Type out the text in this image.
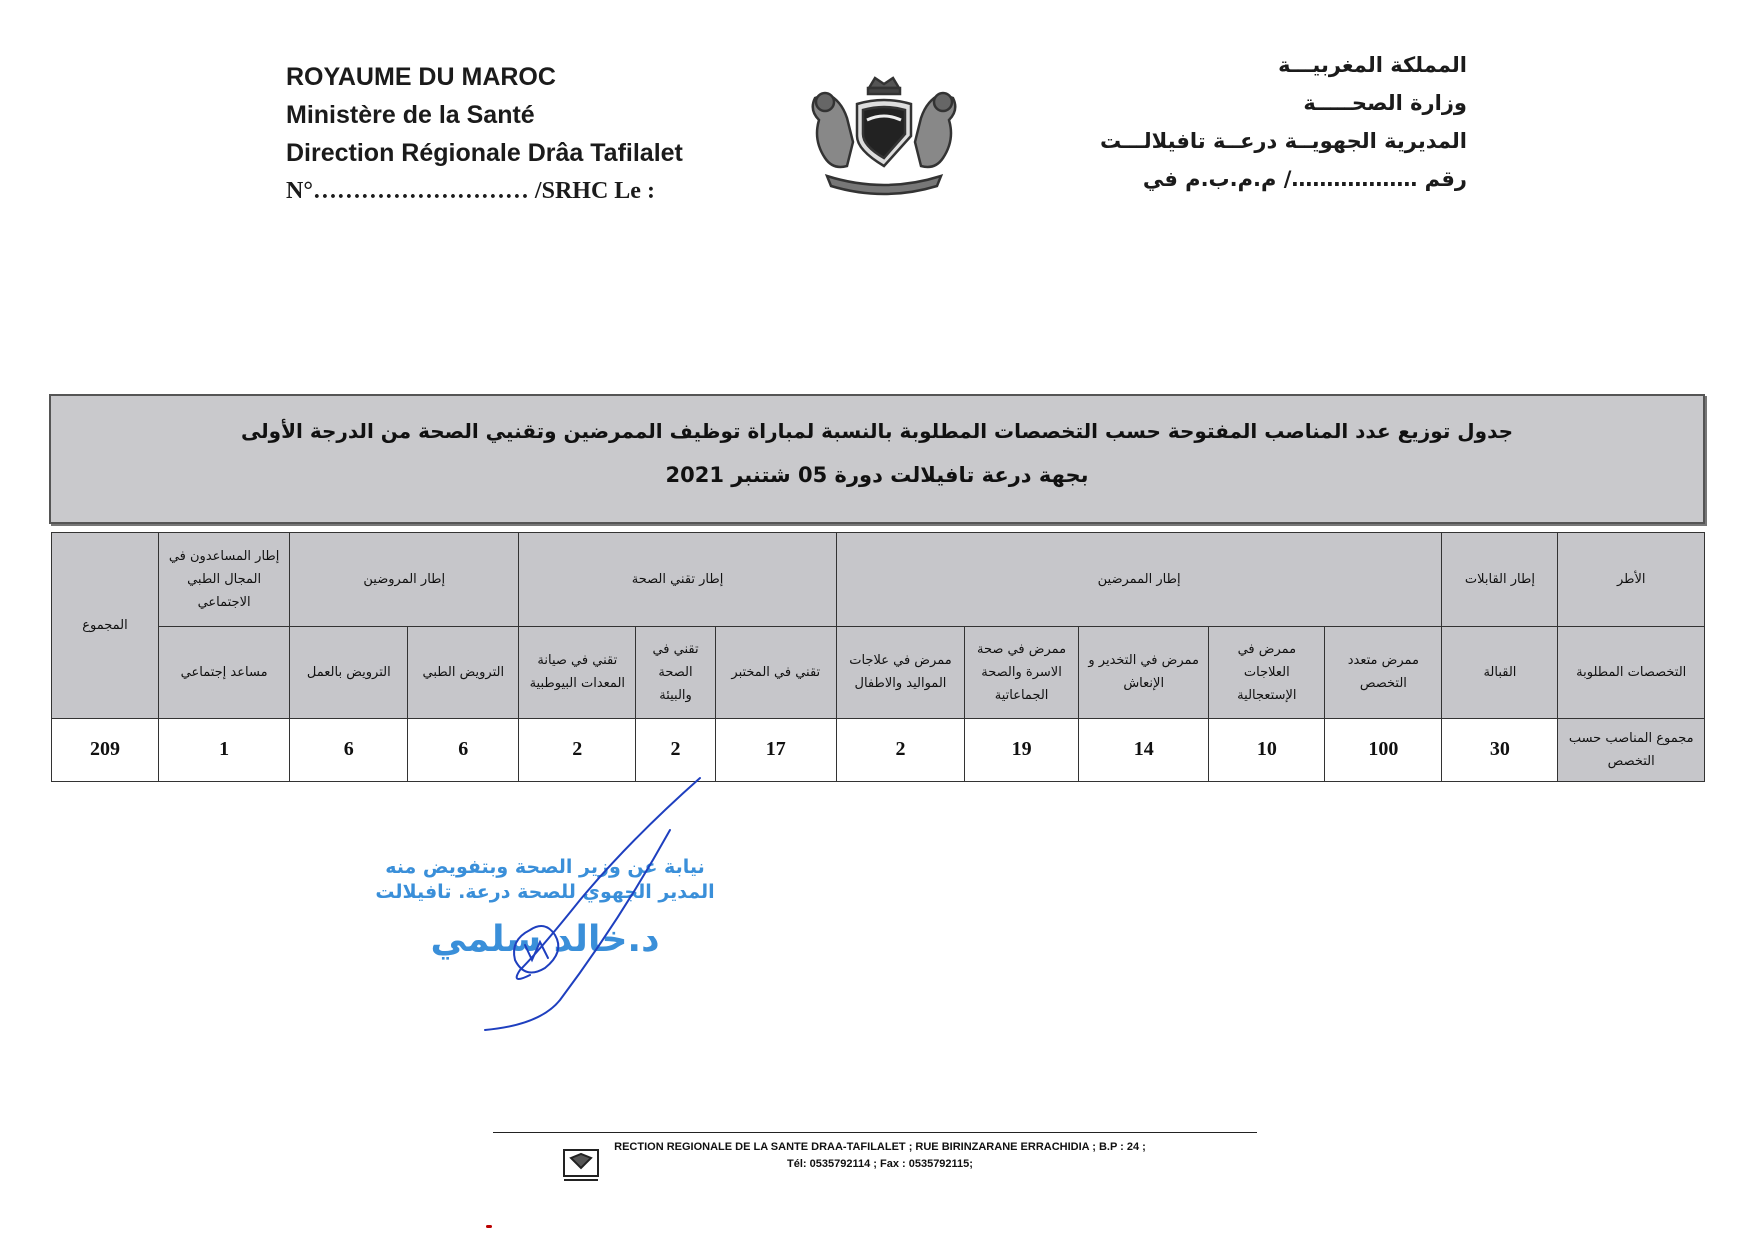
ROYAUME DU MAROC
Ministère de la Santé
Direction Régionale Drâa Tafilalet
N°……………………… /SRHC Le :
المملكة المغربيـــة
وزارة الصحـــــة
المديرية الجهويــة درعــة تافيلالـــت
رقم ………………/ م.م.ب.م في
جدول توزيع عدد المناصب المفتوحة حسب التخصصات المطلوبة بالنسبة لمباراة توظيف الممرضين وتقنيي الصحة من الدرجة الأولى
بجهة درعة تافيلالت دورة 05 شتنبر 2021
الأطر	إطار القابلات	إطار الممرضين					إطار تقني الصحة			إطار المروضين		إطار المساعدون في المجال الطبي الاجتماعي	المجموع
التخصصات المطلوبة	القبالة	ممرض متعدد التخصص	ممرض في العلاجات الإستعجالية	ممرض في التخدير و الإنعاش	ممرض في صحة الاسرة والصحة الجماعاتية	ممرض في علاجات المواليد والاطفال	تقني في المختبر	تقني في الصحة والبيئة	تقني في صيانة المعدات البيوطبية	الترويض الطبي	الترويض بالعمل	مساعد إجتماعي	
مجموع المناصب حسب التخصص	30	100	10	14	19	2	17	2	2	6	6	1	209
نيابة عن وزير الصحة وبتفويض منه
المدير الجهوي للصحة درعة. تافيلالت
د.خالد سلمي
RECTION REGIONALE DE LA SANTE DRAA-TAFILALET ; RUE BIRINZARANE ERRACHIDIA ; B.P : 24 ;
Tél: 0535792114 ; Fax : 0535792115;
